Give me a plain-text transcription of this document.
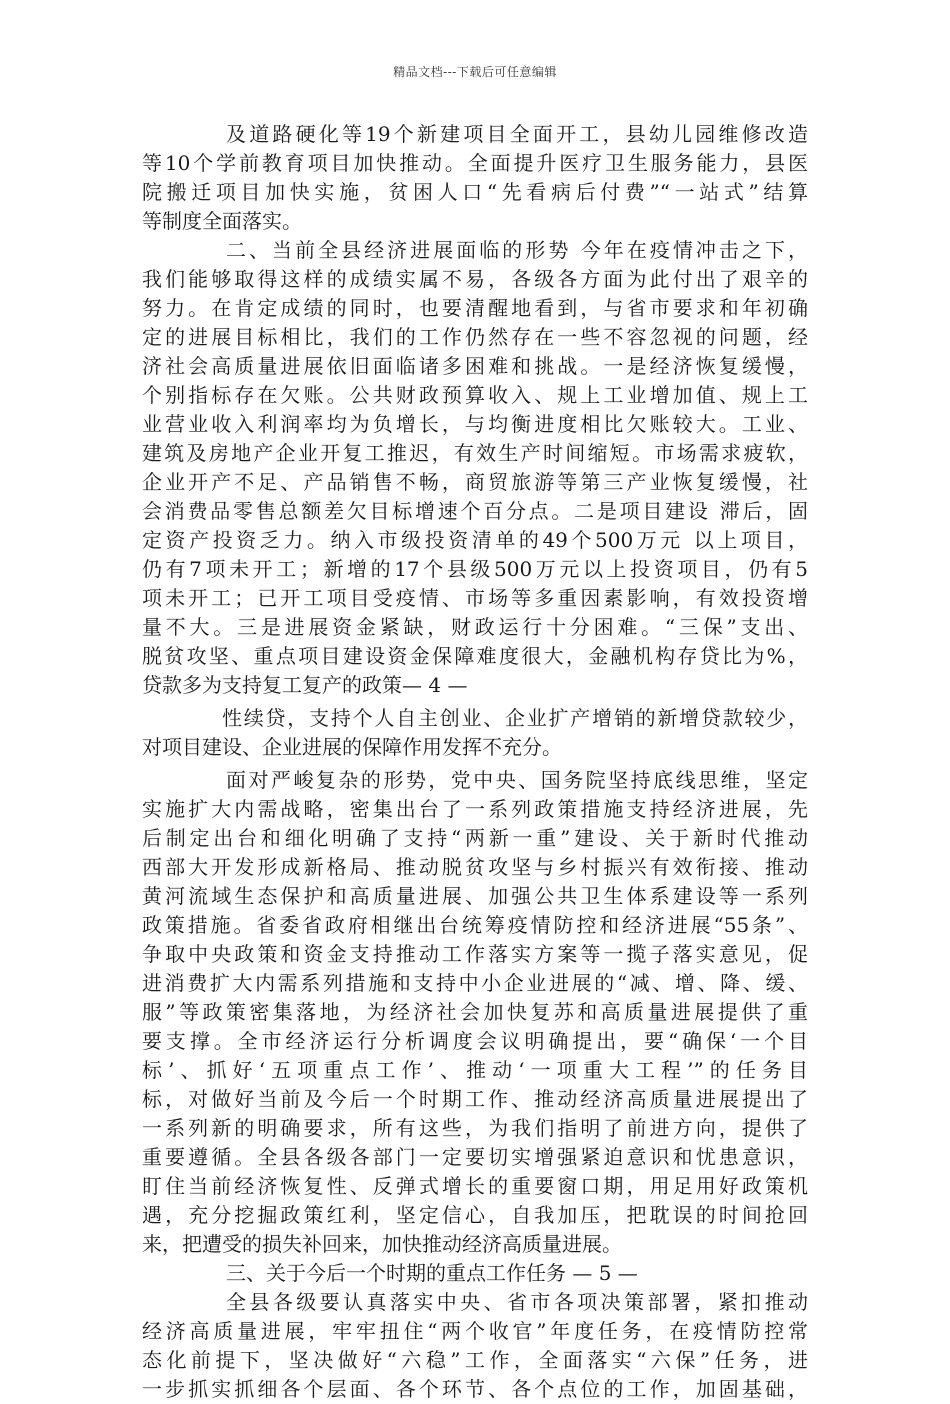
精品文档---下载后可任意编辑
及道路硬化等19个新建项目全面开工，县幼儿园维修改造
等10个学前教育项目加快推动。全面提升医疗卫生服务能力，县医
院搬迁项目加快实施，贫困人口“先看病后付费”“一站式”结算
等制度全面落实。
二、当前全县经济进展面临的形势 今年在疫情冲击之下，
我们能够取得这样的成绩实属不易，各级各方面为此付出了艰辛的
努力。在肯定成绩的同时，也要清醒地看到，与省市要求和年初确
定的进展目标相比，我们的工作仍然存在一些不容忽视的问题，经
济社会高质量进展依旧面临诸多困难和挑战。一是经济恢复缓慢，
个别指标存在欠账。公共财政预算收入、规上工业增加值、规上工
业营业收入利润率均为负增长，与均衡进度相比欠账较大。工业、
建筑及房地产企业开复工推迟，有效生产时间缩短。市场需求疲软，
企业开产不足、产品销售不畅，商贸旅游等第三产业恢复缓慢，社
会消费品零售总额差欠目标增速个百分点。二是项目建设 滞后，固
定资产投资乏力。纳入市级投资清单的49个500万元 以上项目，
仍有7项未开工；新增的17个县级500万元以上投资项目，仍有5
项未开工；已开工项目受疫情、市场等多重因素影响，有效投资增
量不大。三是进展资金紧缺，财政运行十分困难。“三保”支出、
脱贫攻坚、重点项目建设资金保障难度很大，金融机构存贷比为%，
贷款多为支持复工复产的政策— 4 —
性续贷，支持个人自主创业、企业扩产增销的新增贷款较少，
对项目建设、企业进展的保障作用发挥不充分。
面对严峻复杂的形势，党中央、国务院坚持底线思维，坚定
实施扩大内需战略，密集出台了一系列政策措施支持经济进展，先
后制定出台和细化明确了支持“两新一重”建设、关于新时代推动
西部大开发形成新格局、推动脱贫攻坚与乡村振兴有效衔接、推动
黄河流域生态保护和高质量进展、加强公共卫生体系建设等一系列
政策措施。省委省政府相继出台统筹疫情防控和经济进展“55条”、
争取中央政策和资金支持推动工作落实方案等一揽子落实意见，促
进消费扩大内需系列措施和支持中小企业进展的“减、增、降、缓、
服”等政策密集落地，为经济社会加快复苏和高质量进展提供了重
要支撑。全市经济运行分析调度会议明确提出，要“确保‘一个目
标’、抓好‘五项重点工作’、推动‘一项重大工程’”的任务目
标，对做好当前及今后一个时期工作、推动经济高质量进展提出了
一系列新的明确要求，所有这些，为我们指明了前进方向，提供了
重要遵循。全县各级各部门一定要切实增强紧迫意识和忧患意识，
盯住当前经济恢复性、反弹式增长的重要窗口期，用足用好政策机
遇，充分挖掘政策红利，坚定信心，自我加压，把耽误的时间抢回
来，把遭受的损失补回来，加快推动经济高质量进展。
三、关于今后一个时期的重点工作任务 — 5 —
全县各级要认真落实中央、省市各项决策部署，紧扣推动
经济高质量进展，牢牢扭住“两个收官”年度任务，在疫情防控常
态化前提下，坚决做好“六稳”工作，全面落实“六保”任务，进
一步抓实抓细各个层面、各个环节、各个点位的工作，加固基础，
